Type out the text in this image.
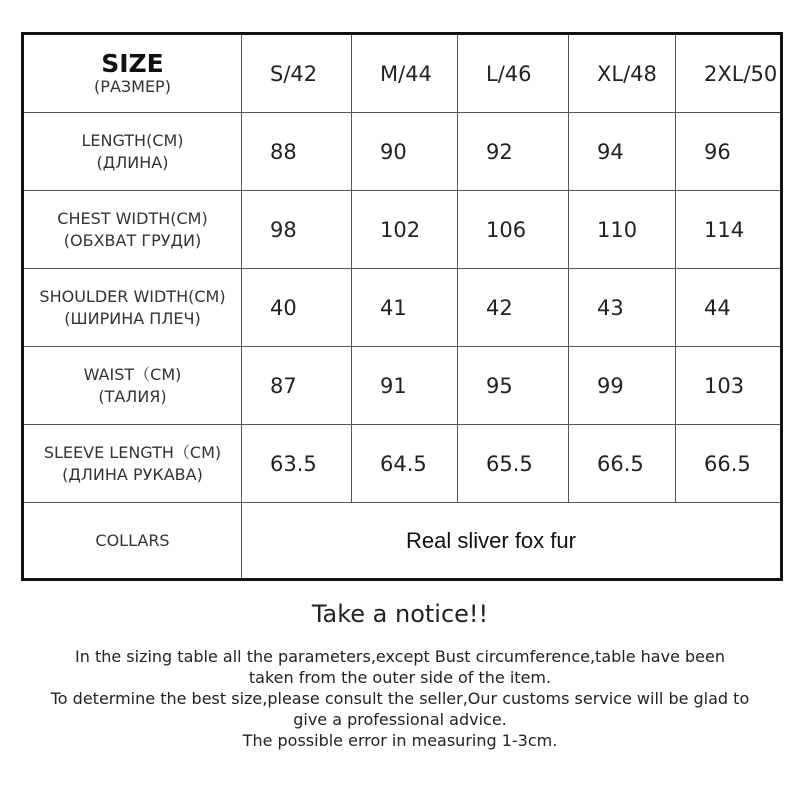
SIZE
(РАЗМЕР)
S/42	M/44	L/46	XL/48	2XL/50
LENGTH(CM)
(ДЛИНА)	88	90	92	94	96
CHEST WIDTH(CM)
(ОБХВАТ ГРУДИ)	98	102	106	110	114
SHOULDER WIDTH(CM)
(ШИРИНА ПЛЕЧ)	40	41	42	43	44
WAIST（CM)
(ТАЛИЯ)	87	91	95	99	103
SLEEVE LENGTH（CM)
(ДЛИНА РУКАВА)	63.5	64.5	65.5	66.5	66.5
COLLARS	Real sliver fox fur
Take a notice!!
In the sizing table all the parameters,except Bust circumference,table have been
taken from the outer side of the item.
To determine the best size,please consult the seller,Our customs service will be glad to
give a professional advice.
The possible error in measuring 1-3cm.
